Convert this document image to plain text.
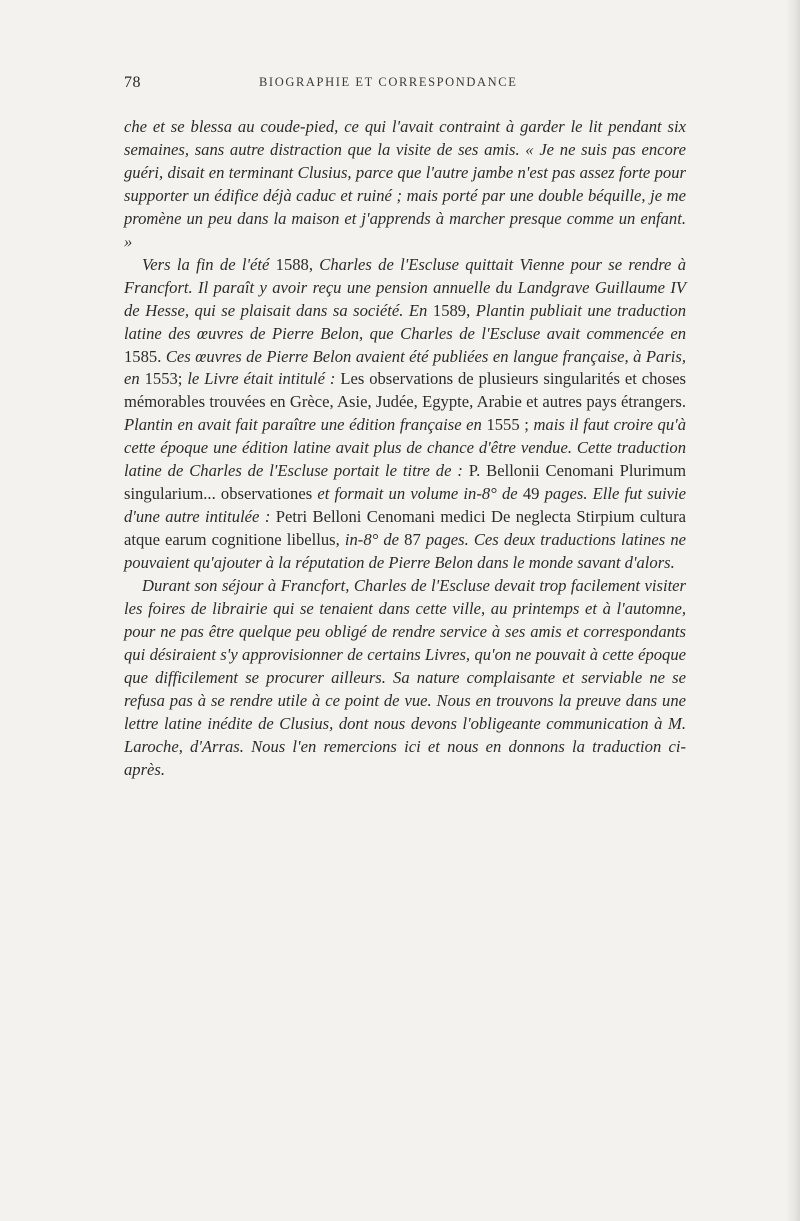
78	BIOGRAPHIE ET CORRESPONDANCE

che et se blessa au coude-pied, ce qui l'avait contraint à garder le lit pendant six semaines, sans autre distraction que la visite de ses amis. « Je ne suis pas encore guéri, disait en terminant Clusius, parce que l'autre jambe n'est pas assez forte pour supporter un édifice déjà caduc et ruiné ; mais porté par une double béquille, je me promène un peu dans la maison et j'apprends à marcher presque comme un enfant. »

Vers la fin de l'été 1588, Charles de l'Escluse quittait Vienne pour se rendre à Francfort. Il paraît y avoir reçu une pension annuelle du Landgrave Guillaume IV de Hesse, qui se plaisait dans sa société. En 1589, Plantin publiait une traduction latine des œuvres de Pierre Belon, que Charles de l'Escluse avait commencée en 1585. Ces œuvres de Pierre Belon avaient été publiées en langue française, à Paris, en 1553; le Livre était intitulé : Les observations de plusieurs singularités et choses mémorables trouvées en Grèce, Asie, Judée, Egypte, Arabie et autres pays étrangers. Plantin en avait fait paraître une édition française en 1555 ; mais il faut croire qu'à cette époque une édition latine avait plus de chance d'être vendue. Cette traduction latine de Charles de l'Escluse portait le titre de : P. Bellonii Cenomani Plurimum singularium... observationes et formait un volume in-8° de 49 pages. Elle fut suivie d'une autre intitulée : Petri Belloni Cenomani medici De neglecta Stirpium cultura atque earum cognitione libellus, in-8° de 87 pages. Ces deux traductions latines ne pouvaient qu'ajouter à la réputation de Pierre Belon dans le monde savant d'alors.

Durant son séjour à Francfort, Charles de l'Escluse devait trop facilement visiter les foires de librairie qui se tenaient dans cette ville, au printemps et à l'automne, pour ne pas être quelque peu obligé de rendre service à ses amis et correspondants qui désiraient s'y approvisionner de certains Livres, qu'on ne pouvait à cette époque que difficilement se procurer ailleurs. Sa nature complaisante et serviable ne se refusa pas à se rendre utile à ce point de vue. Nous en trouvons la preuve dans une lettre latine inédite de Clusius, dont nous devons l'obligeante communication à M. Laroche, d'Arras. Nous l'en remercions ici et nous en donnons la traduction ci-après.
